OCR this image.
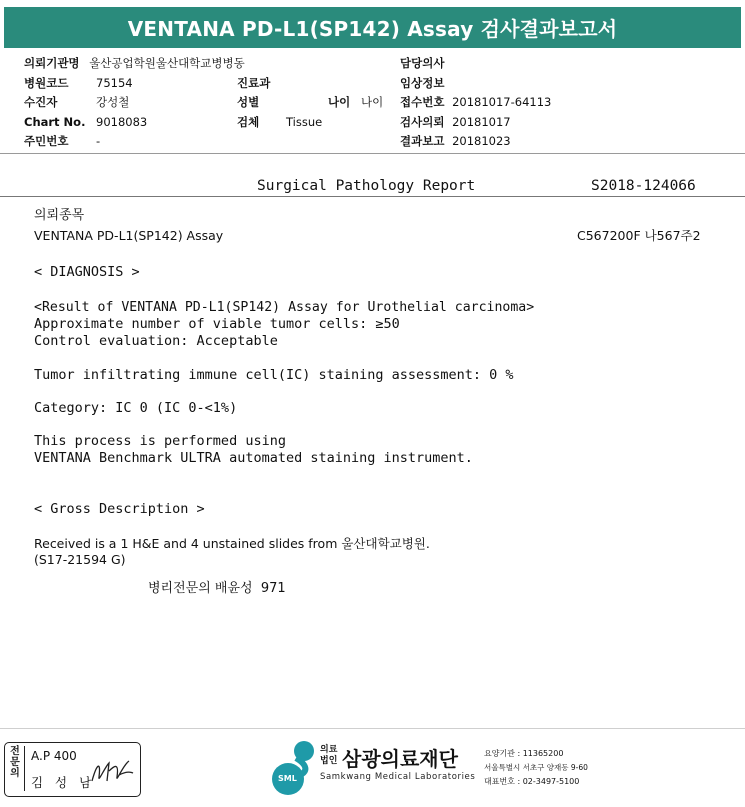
VENTANA PD-L1(SP142) Assay 검사결과보고서
의뢰기관명 울산공업학원울산대학교병병동
병원코드 75154
수진자	강성철
Chart No. 9018083
주민번호 -
진료과
성별	나이 나이
검체 Tissue
담당의사
임상정보
접수번호 20181017-64113
검사의뢰 20181017
결과보고 20181023
Surgical Pathology Report	S2018-124066
의뢰종목
VENTANA PD-L1(SP142) Assay	C567200F 나567주2
< DIAGNOSIS >
<Result of VENTANA PD-L1(SP142) Assay for Urothelial carcinoma>
Approximate number of viable tumor cells: ≥50
Control evaluation: Acceptable
Tumor infiltrating immune cell(IC) staining assessment: 0 %
Category: IC 0 (IC 0-<1%)
This process is performed using
VENTANA Benchmark ULTRA automated staining instrument.
< Gross Description >
Received is a 1 H&E and 4 unstained slides from 울산대학교병원.
(S17-21594 G)
병리전문의 배윤성  971
전문의
A.P 400
김 성 남	SML
의료
법인 삼광의료재단
Samkwang Medical Laboratories
요양기관 : 11365200
서울특별시 서초구 양재동 9-60
대표번호 : 02-3497-5100
